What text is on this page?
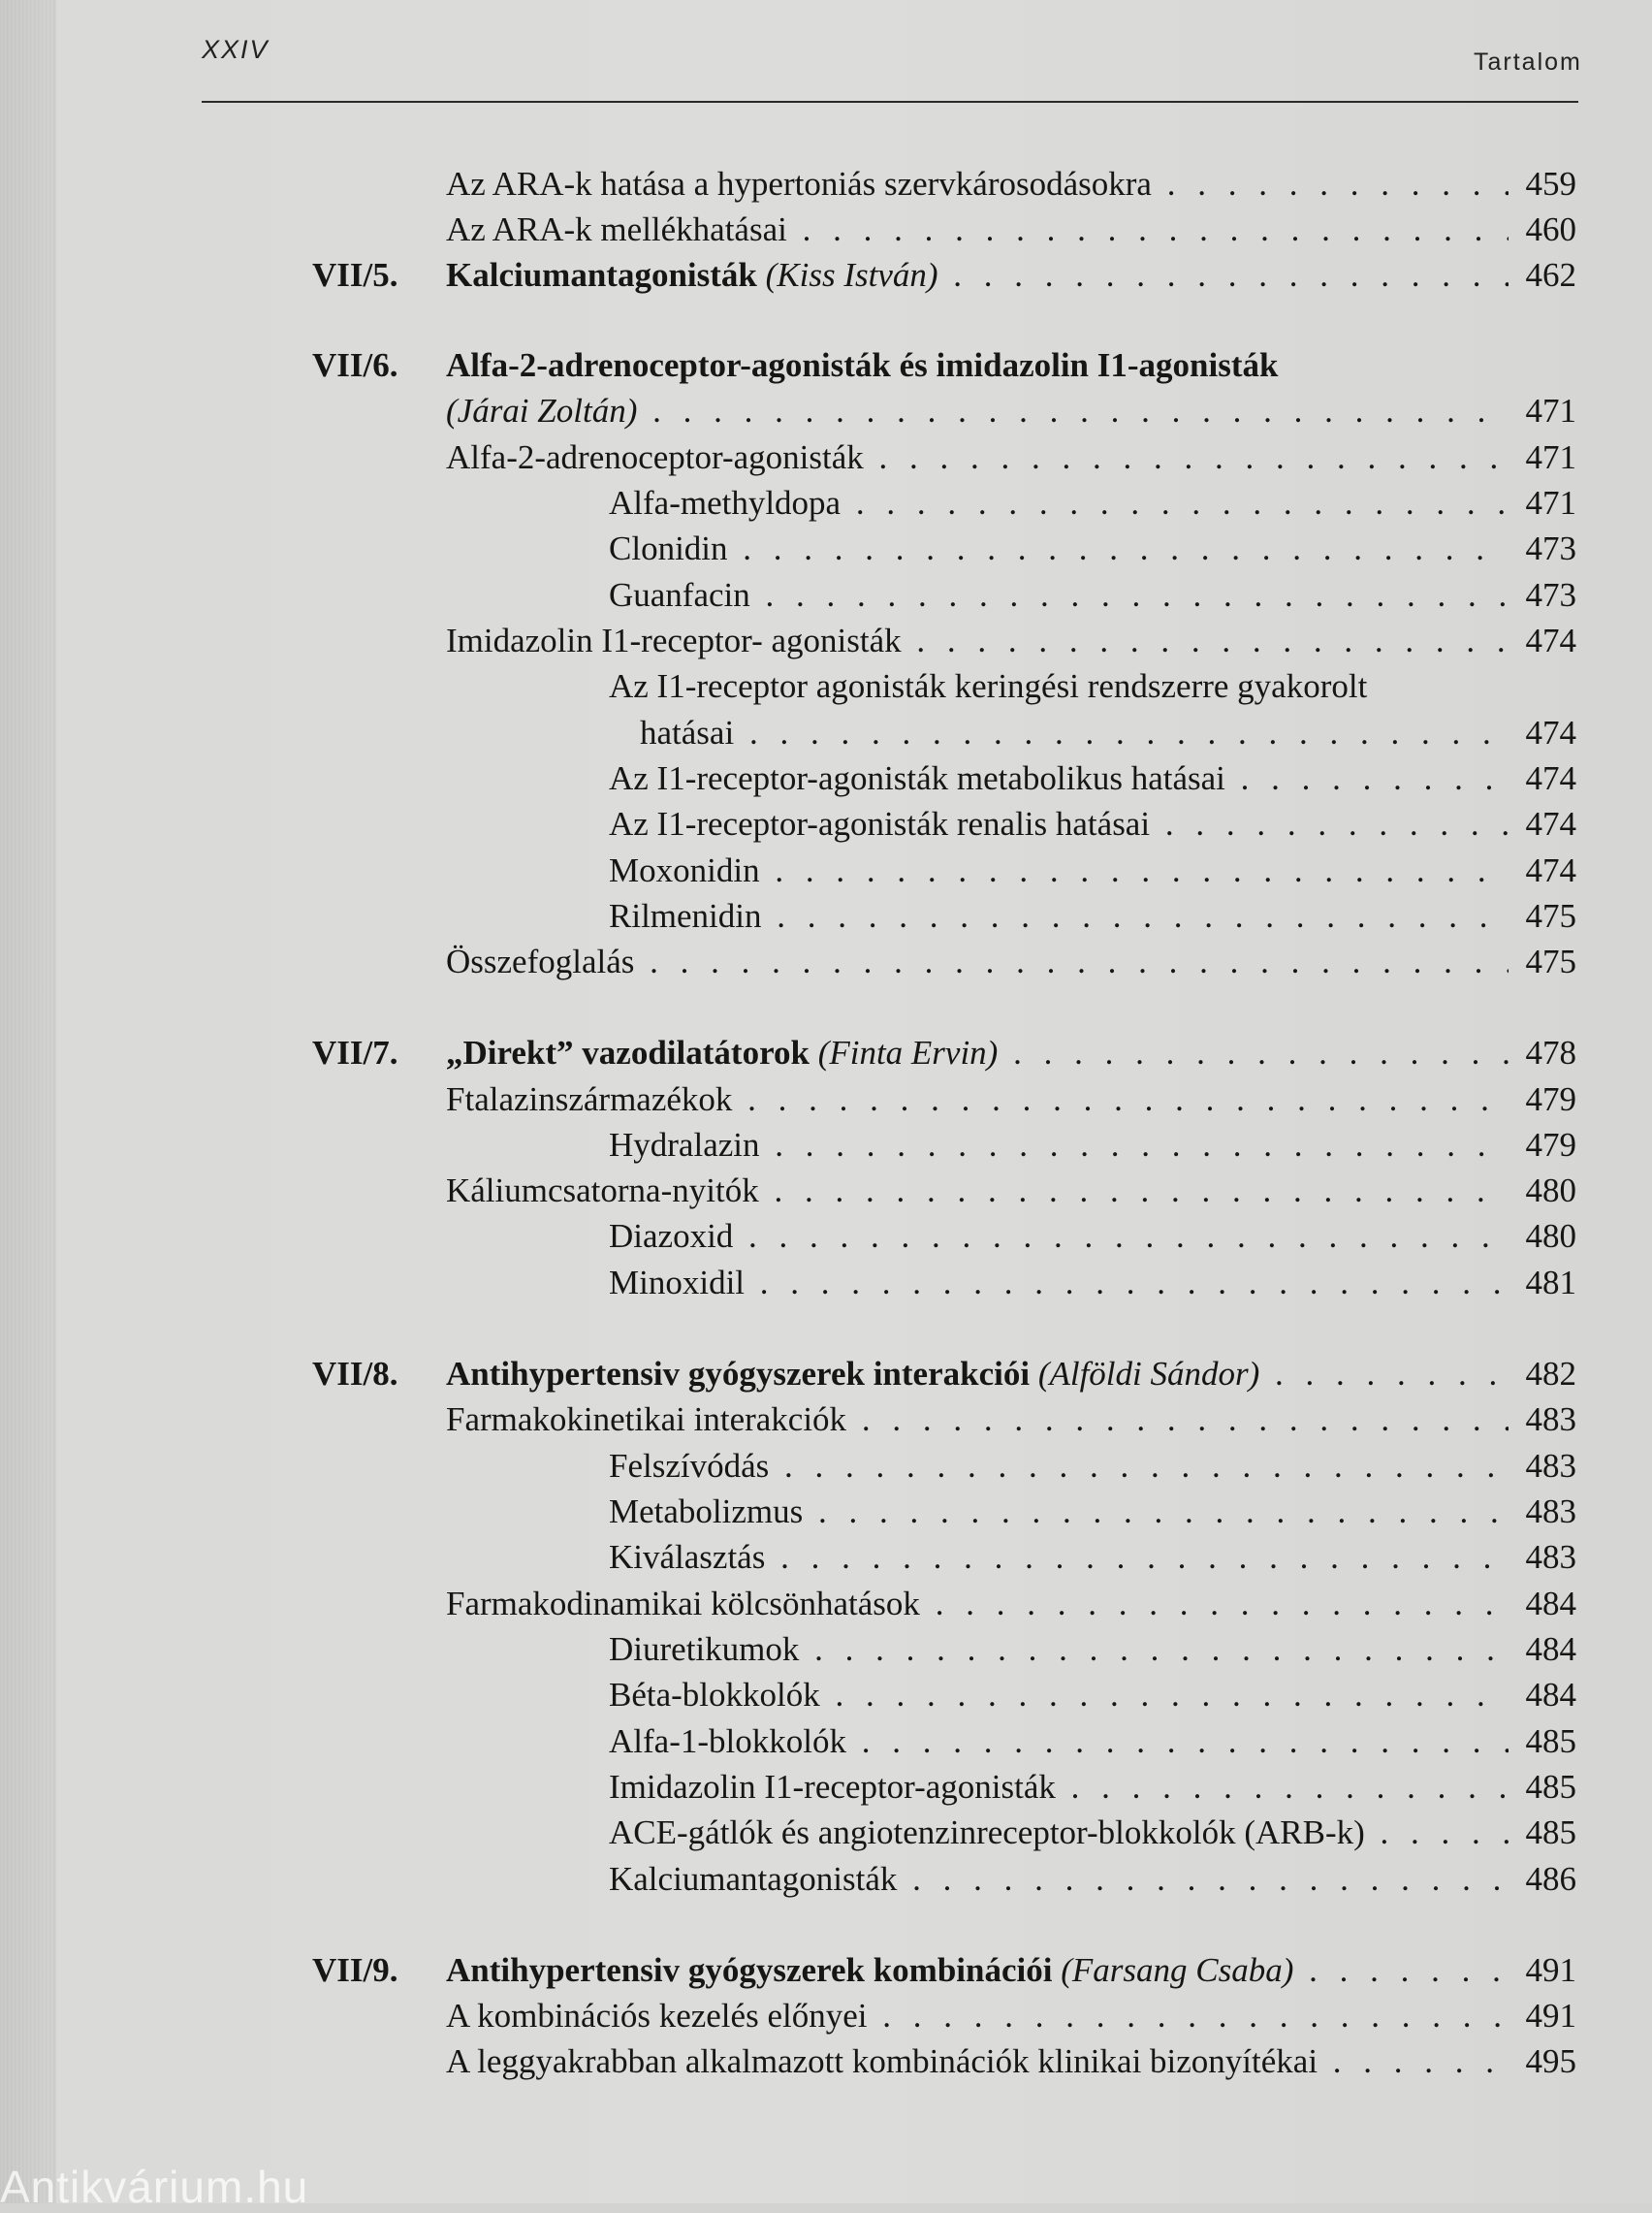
XXIV	Tartalom
Az ARA-k hatása a hypertoniás szervkárosodásokra . . .	459
Az ARA-k mellékhatásai . . .	460
VII/5. Kalciumantagonisták (Kiss István) . . .	462
VII/6. Alfa-2-adrenoceptor-agonisták és imidazolin I1-agonisták
(Járai Zoltán) . . .	471
Alfa-2-adrenoceptor-agonisták . . .	471
Alfa-methyldopa . . .	471
Clonidin . . .	473
Guanfacin . . .	473
Imidazolin I1-receptor- agonisták . . .	474
Az I1-receptor agonisták keringési rendszerre gyakorolt
hatásai . . .	474
Az I1-receptor-agonisták metabolikus hatásai . . .	474
Az I1-receptor-agonisták renalis hatásai . . .	474
Moxonidin . . .	474
Rilmenidin . . .	475
Összefoglalás . . .	475
VII/7. „Direkt” vazodilatátorok (Finta Ervin) . . .	478
Ftalazinszármazékok . . .	479
Hydralazin . . .	479
Káliumcsatorna-nyitók . . .	480
Diazoxid . . .	480
Minoxidil . . .	481
VII/8. Antihypertensiv gyógyszerek interakciói (Alföldi Sándor) . . .	482
Farmakokinetikai interakciók . . .	483
Felszívódás . . .	483
Metabolizmus . . .	483
Kiválasztás . . .	483
Farmakodinamikai kölcsönhatások . . .	484
Diuretikumok . . .	484
Béta-blokkolók . . .	484
Alfa-1-blokkolók . . .	485
Imidazolin I1-receptor-agonisták . . .	485
ACE-gátlók és angiotenzinreceptor-blokkolók (ARB-k) . . .	485
Kalciumantagonisták . . .	486
VII/9. Antihypertensiv gyógyszerek kombinációi (Farsang Csaba) . . .	491
A kombinációs kezelés előnyei . . .	491
A leggyakrabban alkalmazott kombinációk klinikai bizonyítékai . . .	495
Antikvárium.hu
